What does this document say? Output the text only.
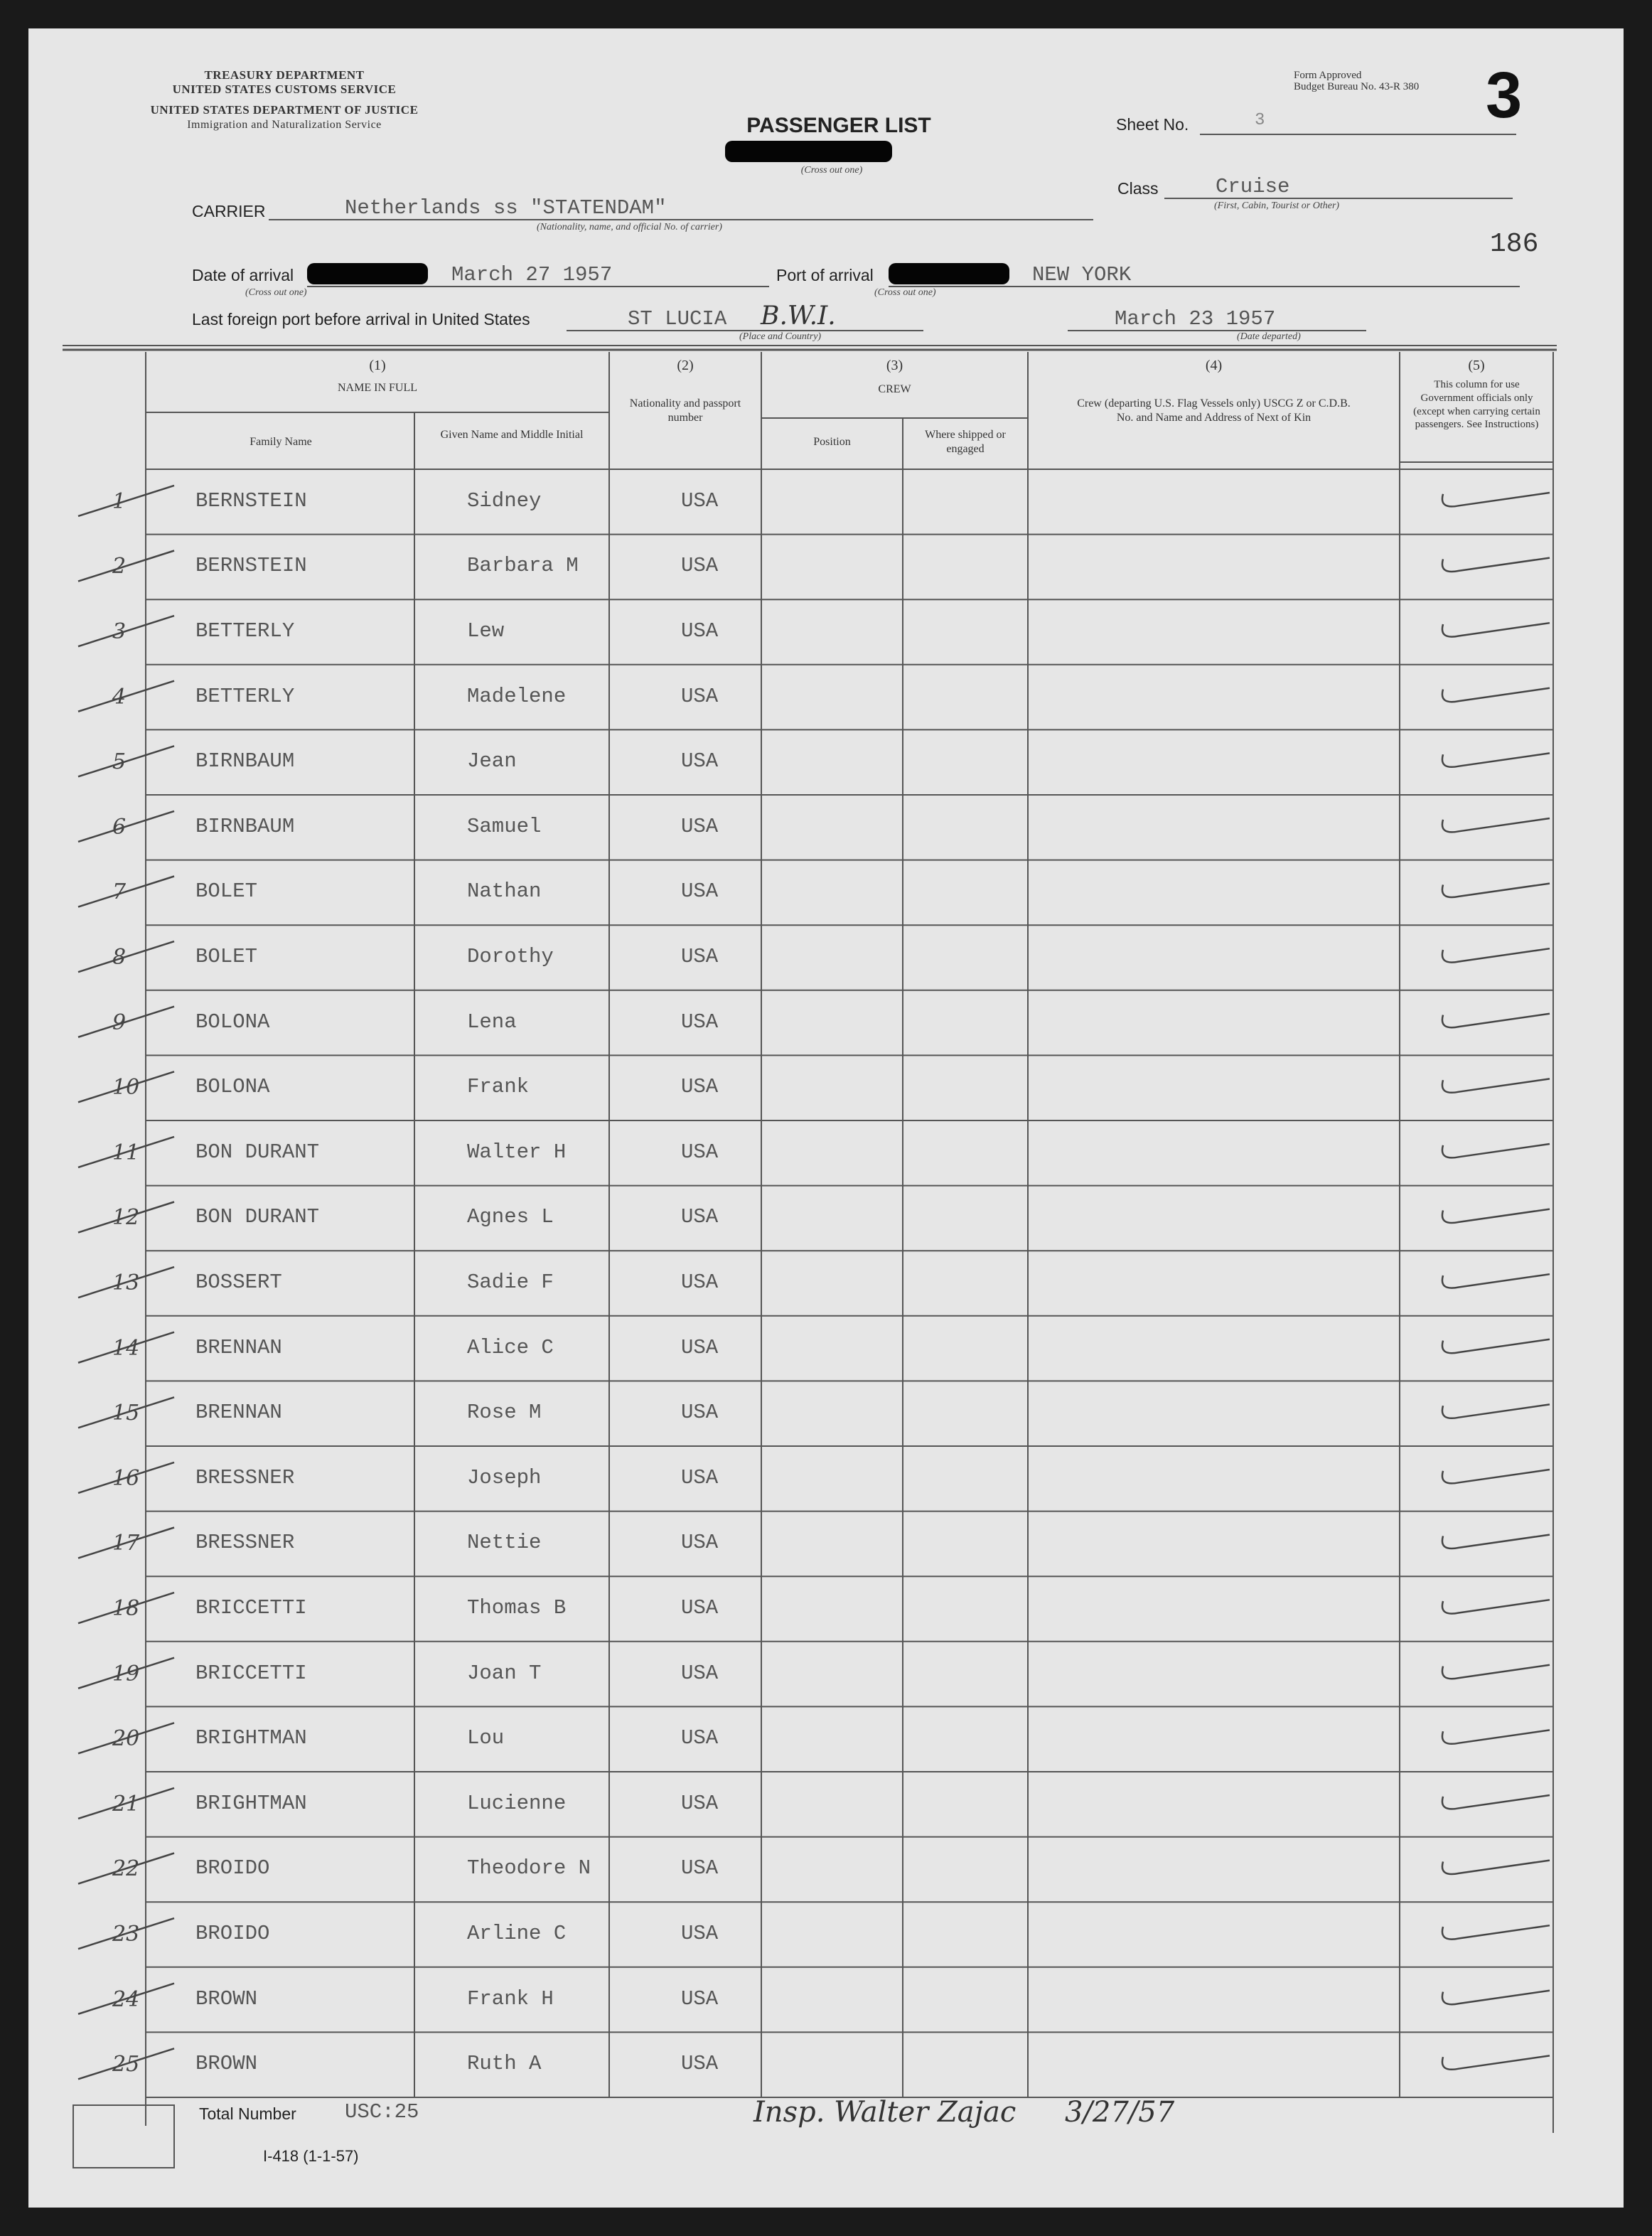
TREASURY DEPARTMENT
UNITED STATES CUSTOMS SERVICE
UNITED STATES DEPARTMENT OF JUSTICE
Immigration and Naturalization Service	PASSENGER LIST
(Cross out one)
Form Approved
Budget Bureau No. 43-R 380 3
Sheet No.	3
Class	Cruise
(First, Cabin, Tourist or Other)
186
CARRIER	Netherlands ss "STATENDAM"
(Nationality, name, and official No. of carrier)
Date of arrival	March 27 1957
(Cross out one)
Port of arrival	NEW YORK
(Cross out one)
Last foreign port before arrival in United States	ST LUCIA B.W.I.
(Place and Country)
March 23 1957
(Date departed)
(1)
NAME IN FULL
Family Name
Given Name and Middle Initial
(2)
Nationality and passport number
(3)
CREW
Position
Where shipped or engaged
(4)
Crew (departing U.S. Flag Vessels only) USCG Z or C.D.B. No. and Name and Address of Next of Kin
(5)
This column for use Government officials only (except when carrying certain passengers. See Instructions)
1	BERNSTEIN	Sidney	USA
2	BERNSTEIN	Barbara M	USA
3	BETTERLY	Lew	USA
4	BETTERLY	Madelene	USA
5	BIRNBAUM	Jean	USA
6	BIRNBAUM	Samuel	USA
7	BOLET	Nathan	USA
8	BOLET	Dorothy	USA
9	BOLONA	Lena	USA
10	BOLONA	Frank	USA
11	BON DURANT	Walter H	USA
12	BON DURANT	Agnes L	USA
13	BOSSERT	Sadie F	USA
14	BRENNAN	Alice C	USA
15	BRENNAN	Rose M	USA
16	BRESSNER	Joseph	USA
17	BRESSNER	Nettie	USA
18	BRICCETTI	Thomas B	USA
19	BRICCETTI	Joan T	USA
20	BRIGHTMAN	Lou	USA
21	BRIGHTMAN	Lucienne	USA
22	BROIDO	Theodore N	USA
23	BROIDO	Arline C	USA
24	BROWN	Frank H	USA
25	BROWN	Ruth A	USA
Total Number USC:25	Insp. Walter Zajac 3/27/57
I-418 (1-1-57)
